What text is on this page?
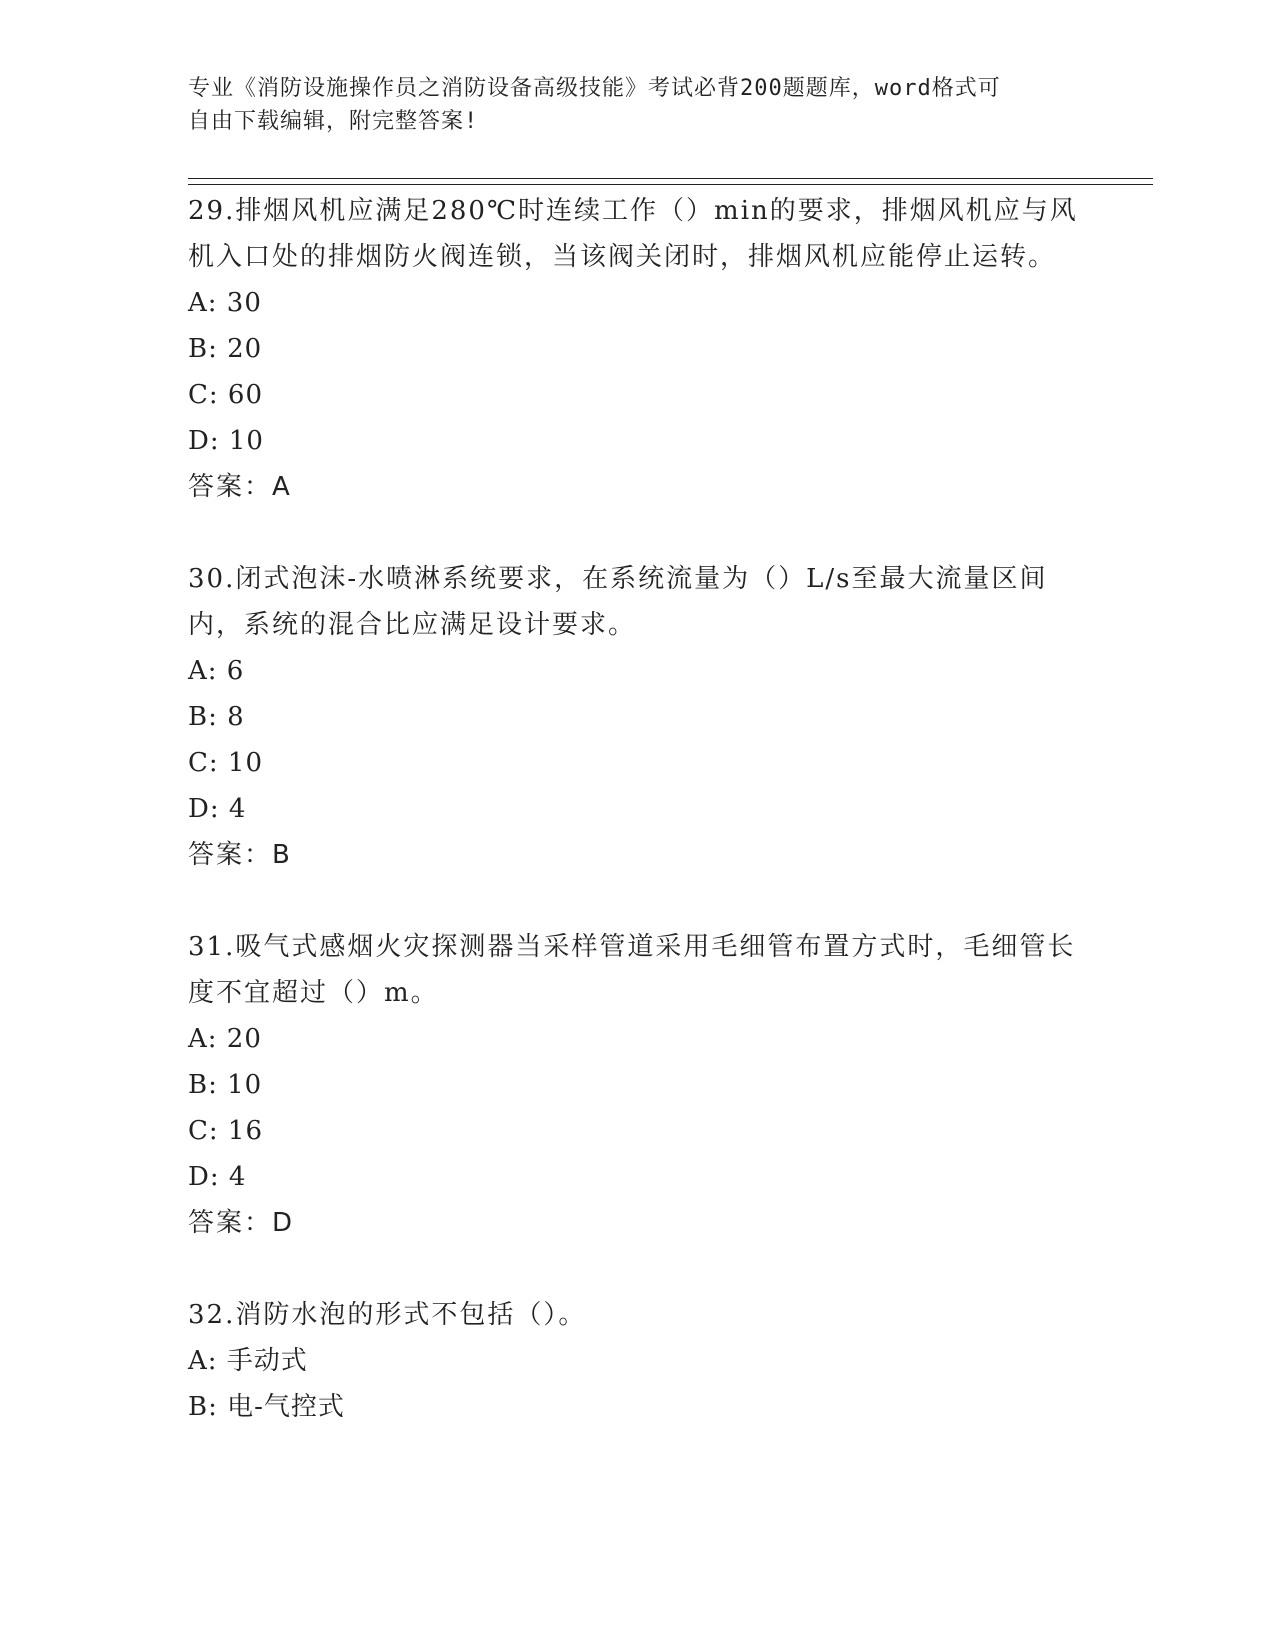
专业《消防设施操作员之消防设备高级技能》考试必背200题题库，word格式可
自由下载编辑，附完整答案!

29.排烟风机应满足280℃时连续工作（）min的要求，排烟风机应与风机入口处的排烟防火阀连锁，当该阀关闭时，排烟风机应能停止运转。

A: 30
B: 20
C: 60
D: 10
答案：A

30.闭式泡沫-水喷淋系统要求，在系统流量为（）L/s至最大流量区间内，系统的混合比应满足设计要求。

A: 6
B: 8
C: 10
D: 4
答案：B

31.吸气式感烟火灾探测器当采样管道采用毛细管布置方式时，毛细管长度不宜超过（）m。

A: 20
B: 10
C: 16
D: 4
答案：D

32.消防水泡的形式不包括（）。

A: 手动式
B: 电-气控式
